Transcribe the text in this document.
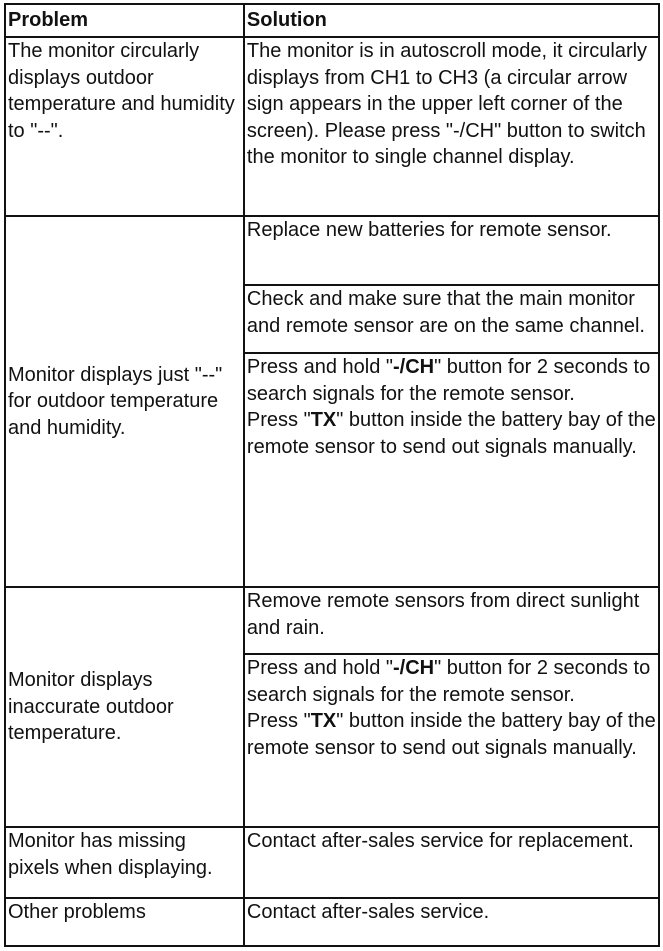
Problem	Solution
The monitor circularly displays outdoor temperature and humidity to "--".	The monitor is in autoscroll mode, it circularly displays from CH1 to CH3 (a circular arrow sign appears in the upper left corner of the screen). Please press "-/CH" button to switch the monitor to single channel display.
Monitor displays just "--" for outdoor temperature and humidity.	Replace new batteries for remote sensor.
	Check and make sure that the main monitor and remote sensor are on the same channel.
	Press and hold "-/CH" button for 2 seconds to search signals for the remote sensor.
Press "TX" button inside the battery bay of the remote sensor to send out signals manually.
Monitor displays inaccurate outdoor temperature.	Remove remote sensors from direct sunlight and rain.
	Press and hold "-/CH" button for 2 seconds to search signals for the remote sensor.
Press "TX" button inside the battery bay of the remote sensor to send out signals manually.
Monitor has missing pixels when displaying.	Contact after-sales service for replacement.
Other problems	Contact after-sales service.
